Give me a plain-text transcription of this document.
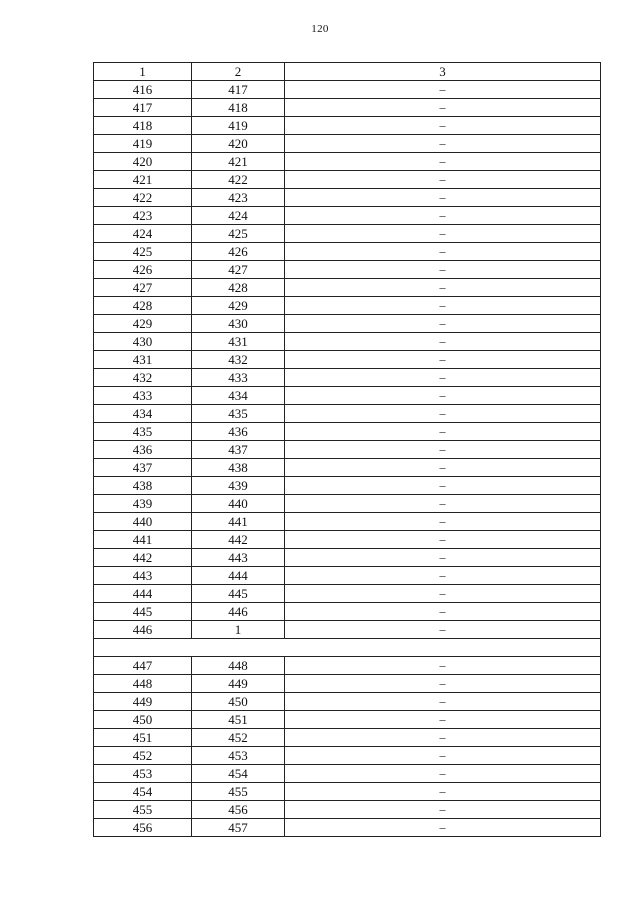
120
1	2	3
416	417	–
417	418	–
418	419	–
419	420	–
420	421	–
421	422	–
422	423	–
423	424	–
424	425	–
425	426	–
426	427	–
427	428	–
428	429	–
429	430	–
430	431	–
431	432	–
432	433	–
433	434	–
434	435	–
435	436	–
436	437	–
437	438	–
438	439	–
439	440	–
440	441	–
441	442	–
442	443	–
443	444	–
444	445	–
445	446	–
446	1	–

447	448	–
448	449	–
449	450	–
450	451	–
451	452	–
452	453	–
453	454	–
454	455	–
455	456	–
456	457	–
